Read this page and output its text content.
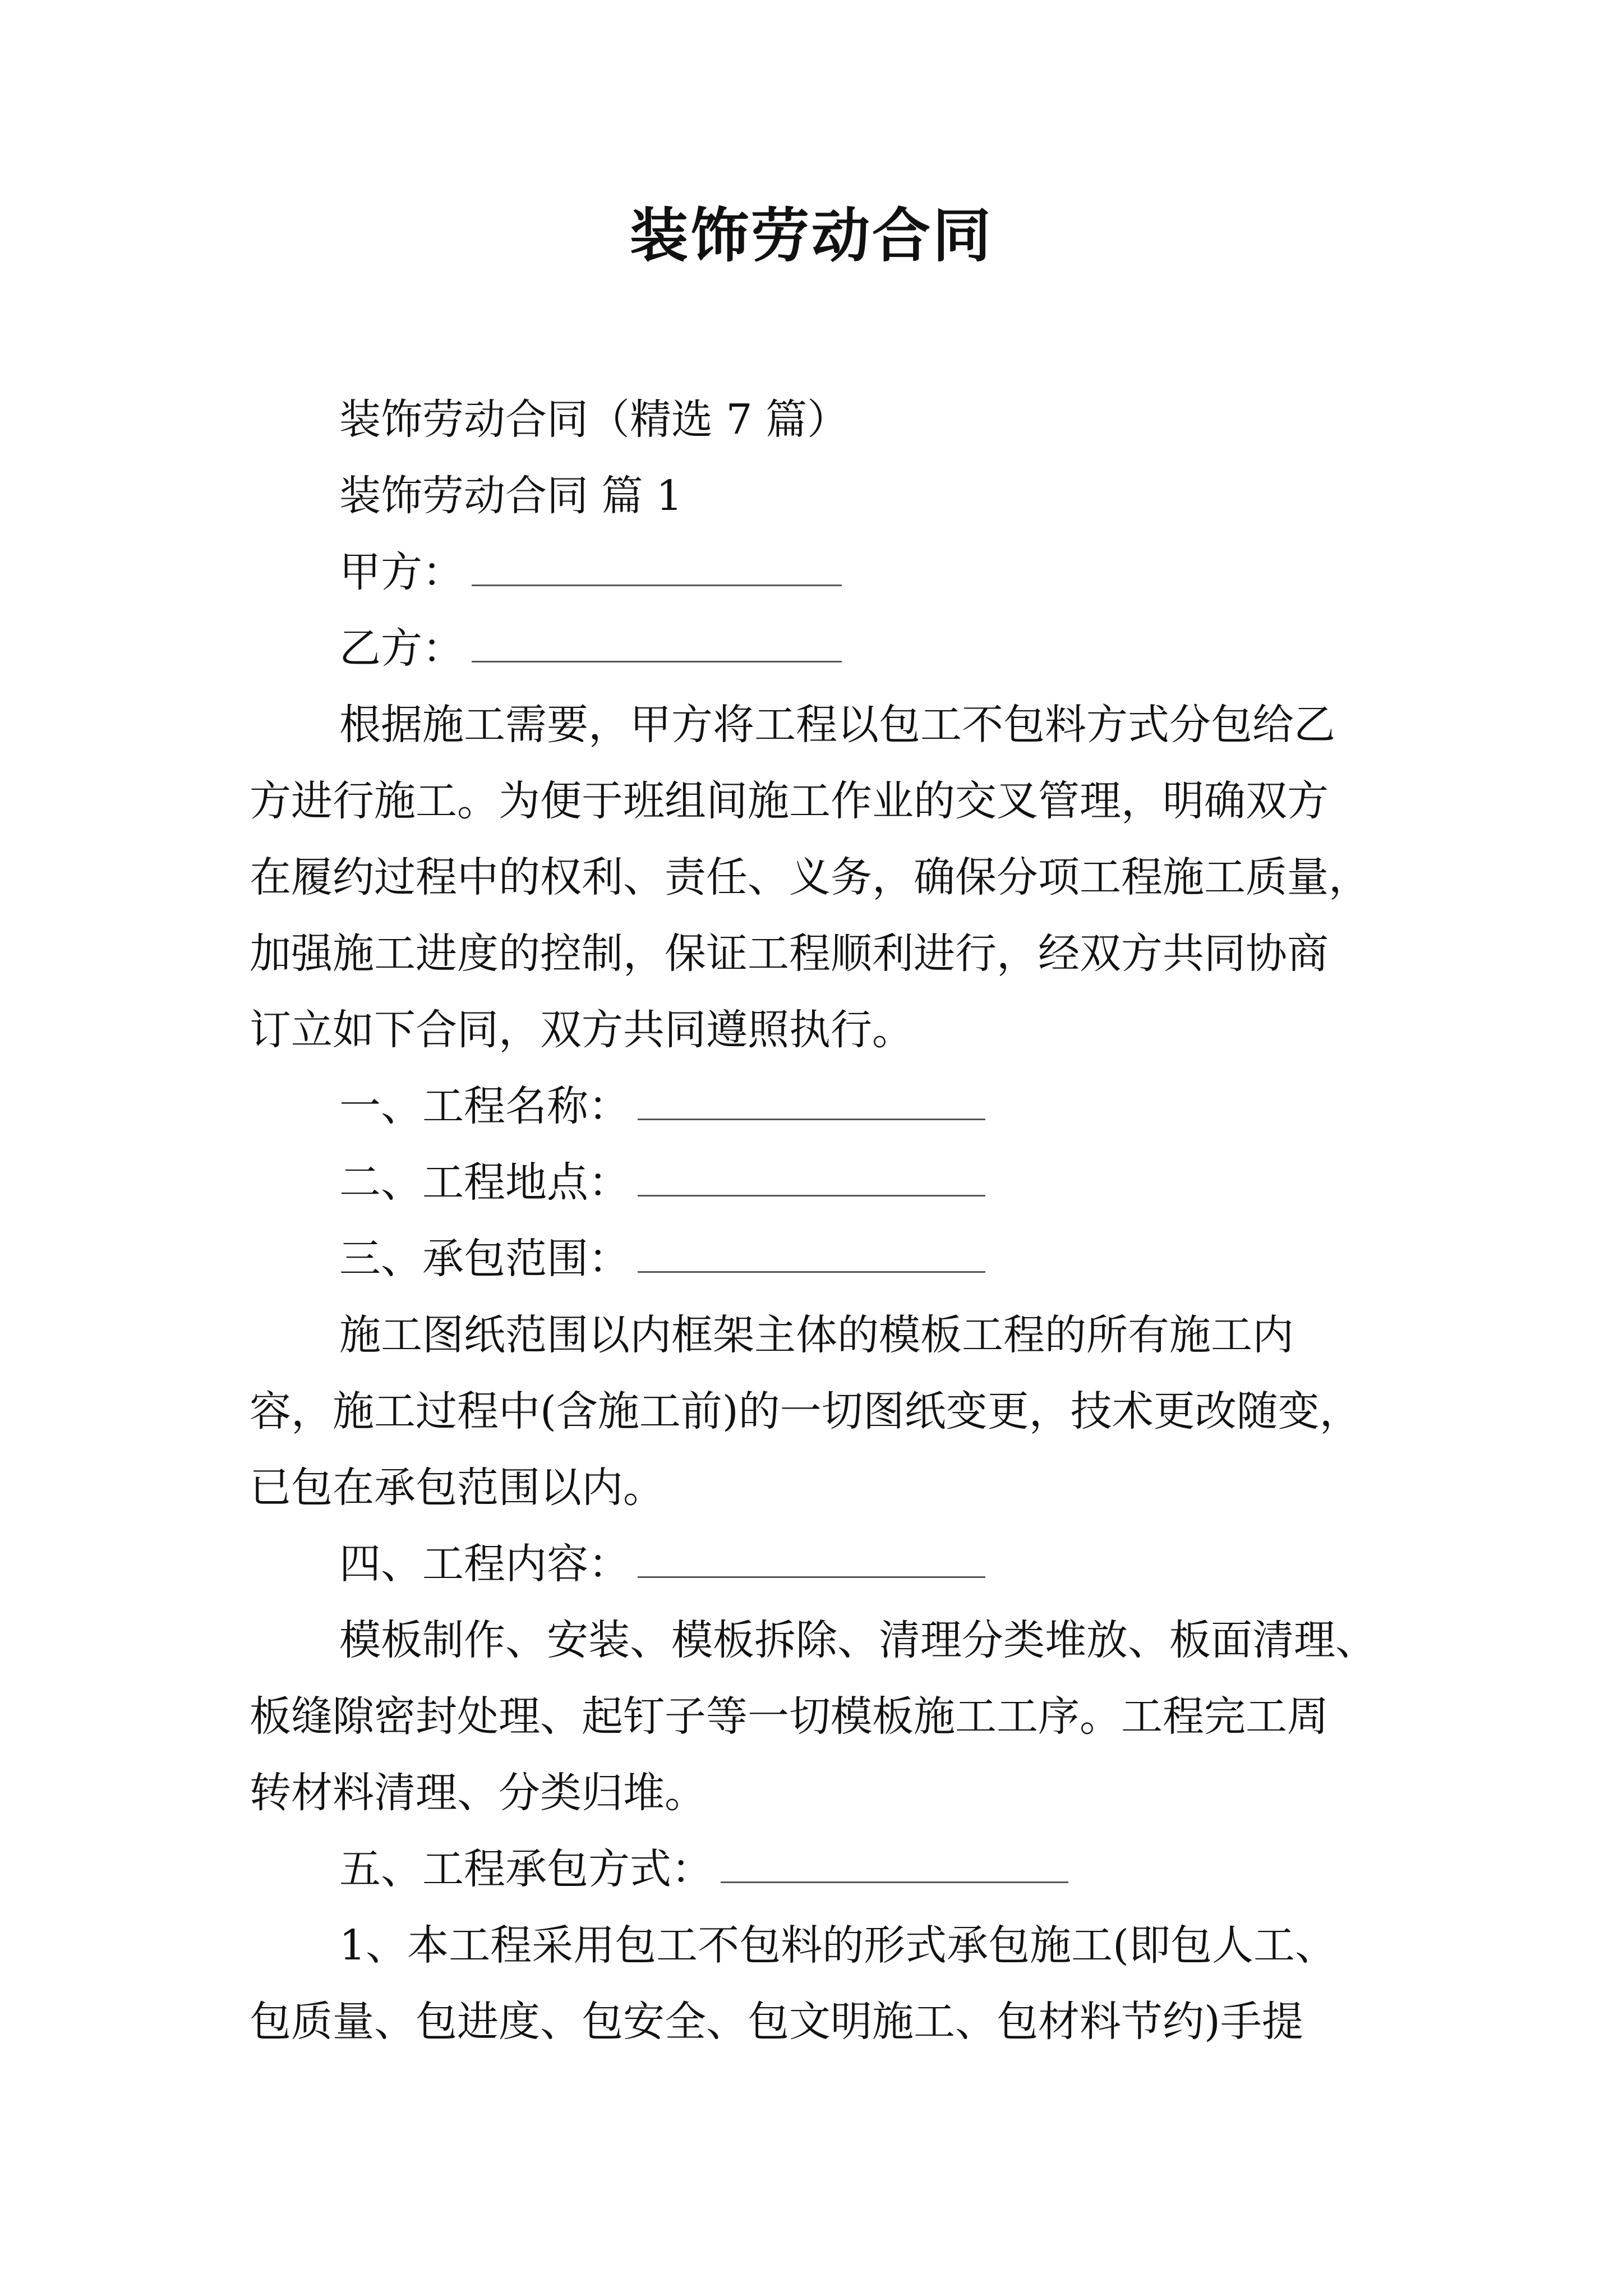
装饰劳动合同
装饰劳动合同（精选 7 篇）
装饰劳动合同 篇 1
甲方：
乙方：
根据施工需要，甲方将工程以包工不包料方式分包给乙
方进行施工。为便于班组间施工作业的交叉管理，明确双方
在履约过程中的权利、责任、义务，确保分项工程施工质量，
加强施工进度的控制，保证工程顺利进行，经双方共同协商
订立如下合同，双方共同遵照执行。
一、工程名称：
二、工程地点：
三、承包范围：
施工图纸范围以内框架主体的模板工程的所有施工内
容，施工过程中(含施工前)的一切图纸变更，技术更改随变，
已包在承包范围以内。
四、工程内容：
模板制作、安装、模板拆除、清理分类堆放、板面清理、
板缝隙密封处理、起钉子等一切模板施工工序。工程完工周
转材料清理、分类归堆。
五、工程承包方式：
1、本工程采用包工不包料的形式承包施工(即包人工、
包质量、包进度、包安全、包文明施工、包材料节约)手提
